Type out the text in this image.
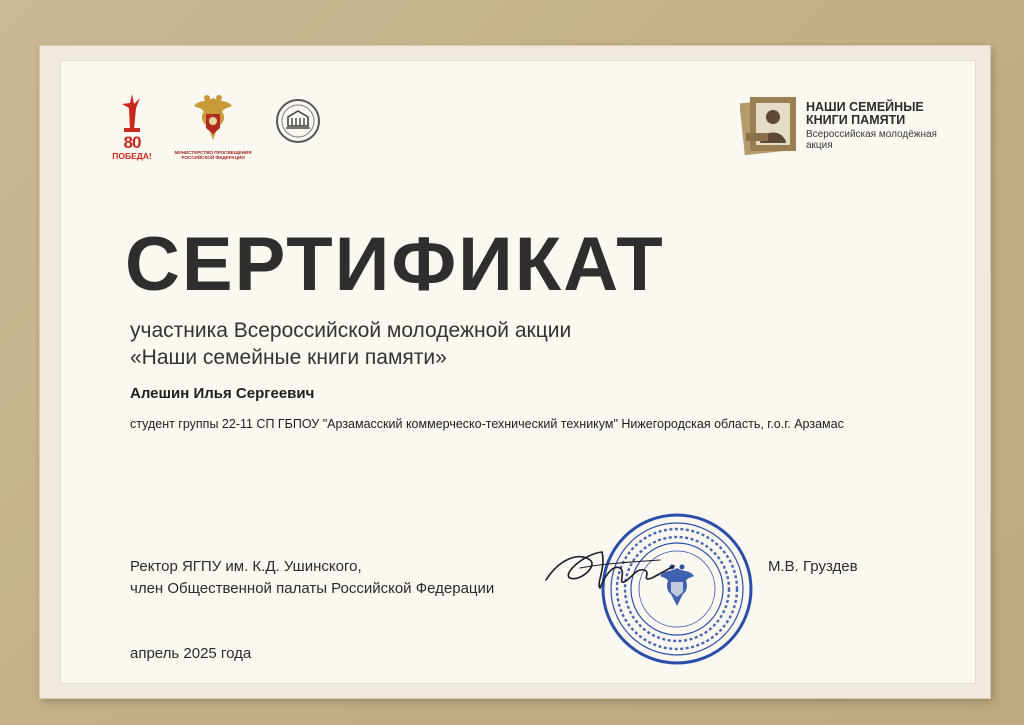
80
ПОБЕДА!	МИНИСТЕРСТВО ПРОСВЕЩЕНИЯ РОССИЙСКОЙ ФЕДЕРАЦИИ
НАШИ СЕМЕЙНЫЕ КНИГИ ПАМЯТИ
Всероссийская молодёжная акция
СЕРТИФИКАТ
участника Всероссийской молодежной акции
«Наши семейные книги памяти»
Алешин Илья Сергеевич
студент группы 22-11 СП ГБПОУ "Арзамасский коммерческо-технический техникум" Нижегородская область, г.о.г. Арзамас
Ректор ЯГПУ им. К.Д. Ушинского,
член Общественной палаты Российской Федерации
М.В. Груздев
апрель 2025 года
